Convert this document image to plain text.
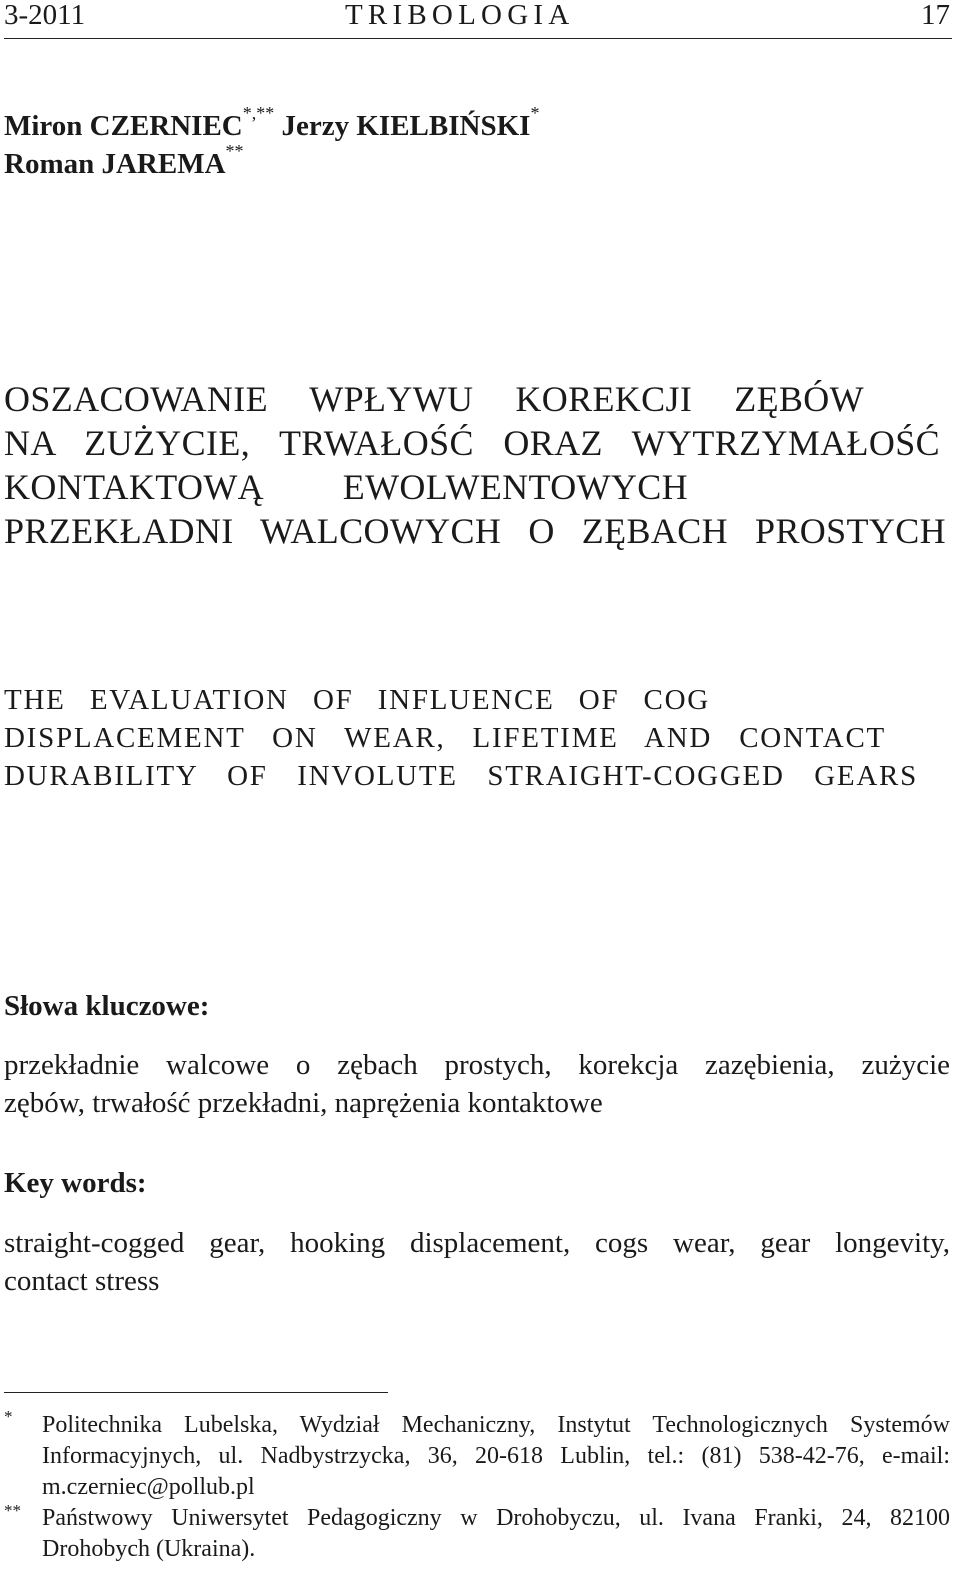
3-2011	TRIBOLOGIA	17
Miron CZERNIEC*,** Jerzy KIELBIŃSKI*
Roman JAREMA**
OSZACOWANIE WPŁYWU KOREKCJI ZĘBÓW
NA ZUŻYCIE, TRWAŁOŚĆ ORAZ WYTRZYMAŁOŚĆ
KONTAKTOWĄ EWOLWENTOWYCH
PRZEKŁADNI WALCOWYCH O ZĘBACH PROSTYCH
THE EVALUATION OF INFLUENCE OF COG
DISPLACEMENT ON WEAR, LIFETIME AND CONTACT
DURABILITY OF INVOLUTE STRAIGHT-COGGED GEARS
Słowa kluczowe:
przekładnie walcowe o zębach prostych, korekcja zazębienia, zużycie
zębów, trwałość przekładni, naprężenia kontaktowe
Key words:
straight-cogged gear, hooking displacement, cogs wear, gear longevity,
contact stress
* Politechnika Lubelska, Wydział Mechaniczny, Instytut Technologicznych Systemów
Informacyjnych, ul. Nadbystrzycka, 36, 20-618 Lublin, tel.: (81) 538-42-76, e-mail:
m.czerniec@pollub.pl
** Państwowy Uniwersytet Pedagogiczny w Drohobyczu, ul. Ivana Franki, 24, 82100
Drohobych (Ukraina).
